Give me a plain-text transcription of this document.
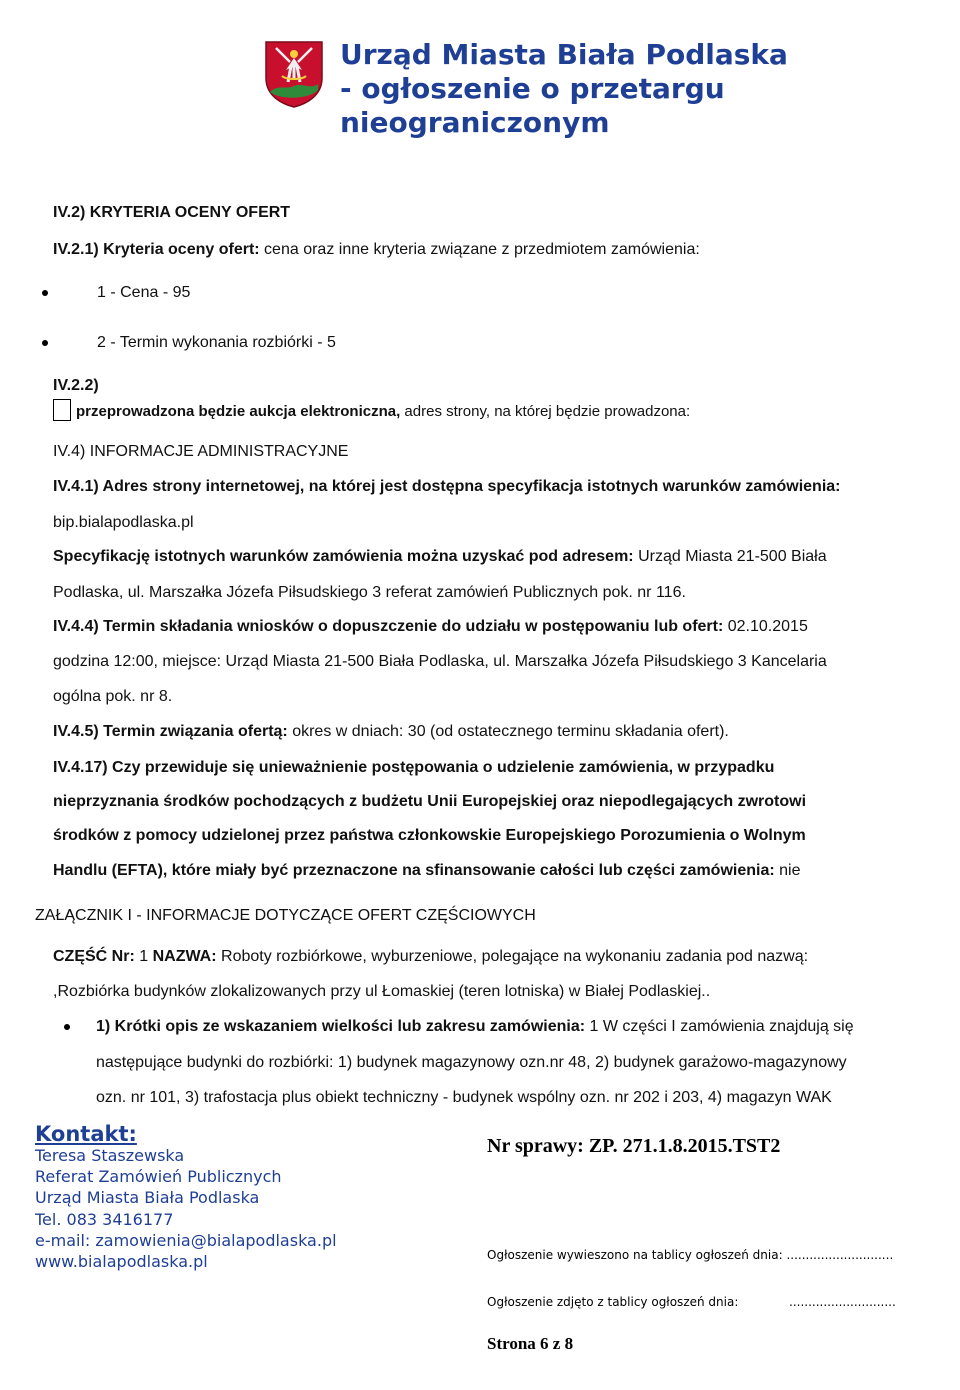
Urząd Miasta Biała Podlaska
- ogłoszenie o przetargu
nieograniczonym
IV.2) KRYTERIA OCENY OFERT
IV.2.1) Kryteria oceny ofert: cena oraz inne kryteria związane z przedmiotem zamówienia:
1 - Cena - 95
2 - Termin wykonania rozbiórki - 5
IV.2.2)
przeprowadzona będzie aukcja elektroniczna, adres strony, na której będzie prowadzona:
IV.4) INFORMACJE ADMINISTRACYJNE
IV.4.1) Adres strony internetowej, na której jest dostępna specyfikacja istotnych warunków zamówienia:
bip.bialapodlaska.pl
Specyfikację istotnych warunków zamówienia można uzyskać pod adresem: Urząd Miasta 21-500 Biała
Podlaska, ul. Marszałka Józefa Piłsudskiego 3 referat zamówień Publicznych pok. nr 116.
IV.4.4) Termin składania wniosków o dopuszczenie do udziału w postępowaniu lub ofert: 02.10.2015
godzina 12:00, miejsce: Urząd Miasta 21-500 Biała Podlaska, ul. Marszałka Józefa Piłsudskiego 3 Kancelaria
ogólna pok. nr 8.
IV.4.5) Termin związania ofertą: okres w dniach: 30 (od ostatecznego terminu składania ofert).
IV.4.17) Czy przewiduje się unieważnienie postępowania o udzielenie zamówienia, w przypadku
nieprzyznania środków pochodzących z budżetu Unii Europejskiej oraz niepodlegających zwrotowi
środków z pomocy udzielonej przez państwa członkowskie Europejskiego Porozumienia o Wolnym
Handlu (EFTA), które miały być przeznaczone na sfinansowanie całości lub części zamówienia: nie
ZAŁĄCZNIK I - INFORMACJE DOTYCZĄCE OFERT CZĘŚCIOWYCH
CZĘŚĆ Nr: 1 NAZWA: Roboty rozbiórkowe, wyburzeniowe, polegające na wykonaniu zadania pod nazwą:
,Rozbiórka budynków zlokalizowanych przy ul Łomaskiej (teren lotniska) w Białej Podlaskiej..
1) Krótki opis ze wskazaniem wielkości lub zakresu zamówienia: 1 W części I zamówienia znajdują się
następujące budynki do rozbiórki: 1) budynek magazynowy ozn.nr 48, 2) budynek garażowo-magazynowy
ozn. nr 101, 3) trafostacja plus obiekt techniczny - budynek wspólny ozn. nr 202 i 203, 4) magazyn WAK
Kontakt:
Teresa Staszewska
Referat Zamówień Publicznych
Urząd Miasta Biała Podlaska
Tel. 083 3416177
e-mail: zamowienia@bialapodlaska.pl
www.bialapodlaska.pl
Nr sprawy: ZP. 271.1.8.2015.TST2
Ogłoszenie wywieszono na tablicy ogłoszeń dnia: ............................
Ogłoszenie zdjęto z tablicy ogłoszeń dnia:	............................
Strona 6 z 8
